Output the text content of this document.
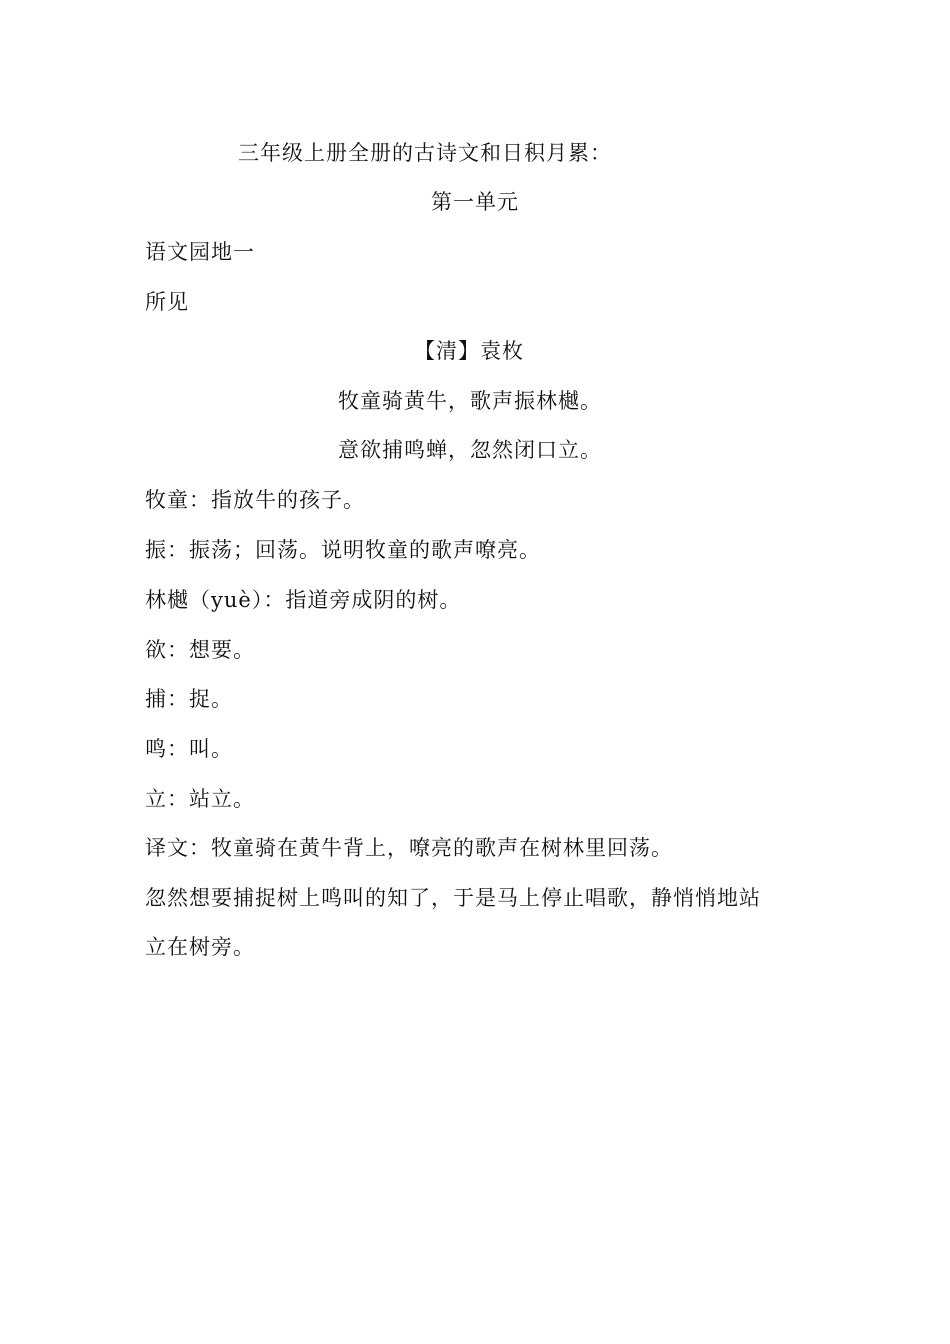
三年级上册全册的古诗文和日积月累：
第一单元
语文园地一
所见
【清】袁枚
牧童骑黄牛，歌声振林樾。
意欲捕鸣蝉，忽然闭口立。
牧童：指放牛的孩子。
振：振荡；回荡。说明牧童的歌声嘹亮。
林樾（yuè）：指道旁成阴的树。
欲：想要。
捕：捉。
鸣：叫。
立：站立。
译文：牧童骑在黄牛背上，嘹亮的歌声在树林里回荡。
忽然想要捕捉树上鸣叫的知了，于是马上停止唱歌，静悄悄地站
立在树旁。
